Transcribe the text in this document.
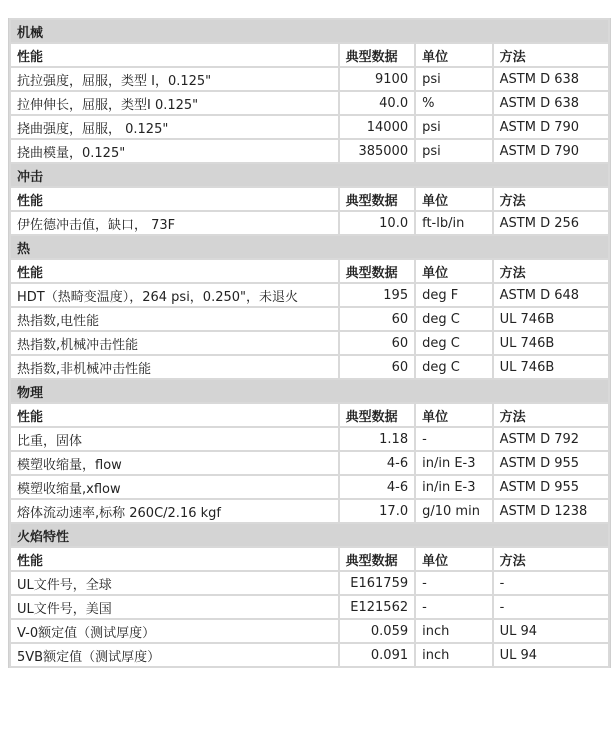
机械			
性能	典型数据	单位	方法
抗拉强度，屈服，类型 I，0.125"	9100	psi	ASTM D 638
拉伸伸长，屈服，类型I 0.125"	40.0	%	ASTM D 638
挠曲强度，屈服， 0.125"	14000	psi	ASTM D 790
挠曲模量，0.125"	385000	psi	ASTM D 790
冲击			
性能	典型数据	单位	方法
伊佐德冲击值，缺口， 73F	10.0	ft-lb/in	ASTM D 256
热			
性能	典型数据	单位	方法
HDT（热畸变温度），264 psi，0.250"，未退火	195	deg F	ASTM D 648
热指数,电性能	60	deg C	UL 746B
热指数,机械冲击性能	60	deg C	UL 746B
热指数,非机械冲击性能	60	deg C	UL 746B
物理			
性能	典型数据	单位	方法
比重，固体	1.18	-	ASTM D 792
模塑收缩量，flow	4-6	in/in E-3	ASTM D 955
模塑收缩量,xflow	4-6	in/in E-3	ASTM D 955
熔体流动速率,标称 260C/2.16 kgf	17.0	g/10 min	ASTM D 1238
火焰特性			
性能	典型数据	单位	方法
UL文件号，全球	E161759	-	-
UL文件号，美国	E121562	-	-
V-0额定值（测试厚度）	0.059	inch	UL 94
5VB额定值（测试厚度）	0.091	inch	UL 94
